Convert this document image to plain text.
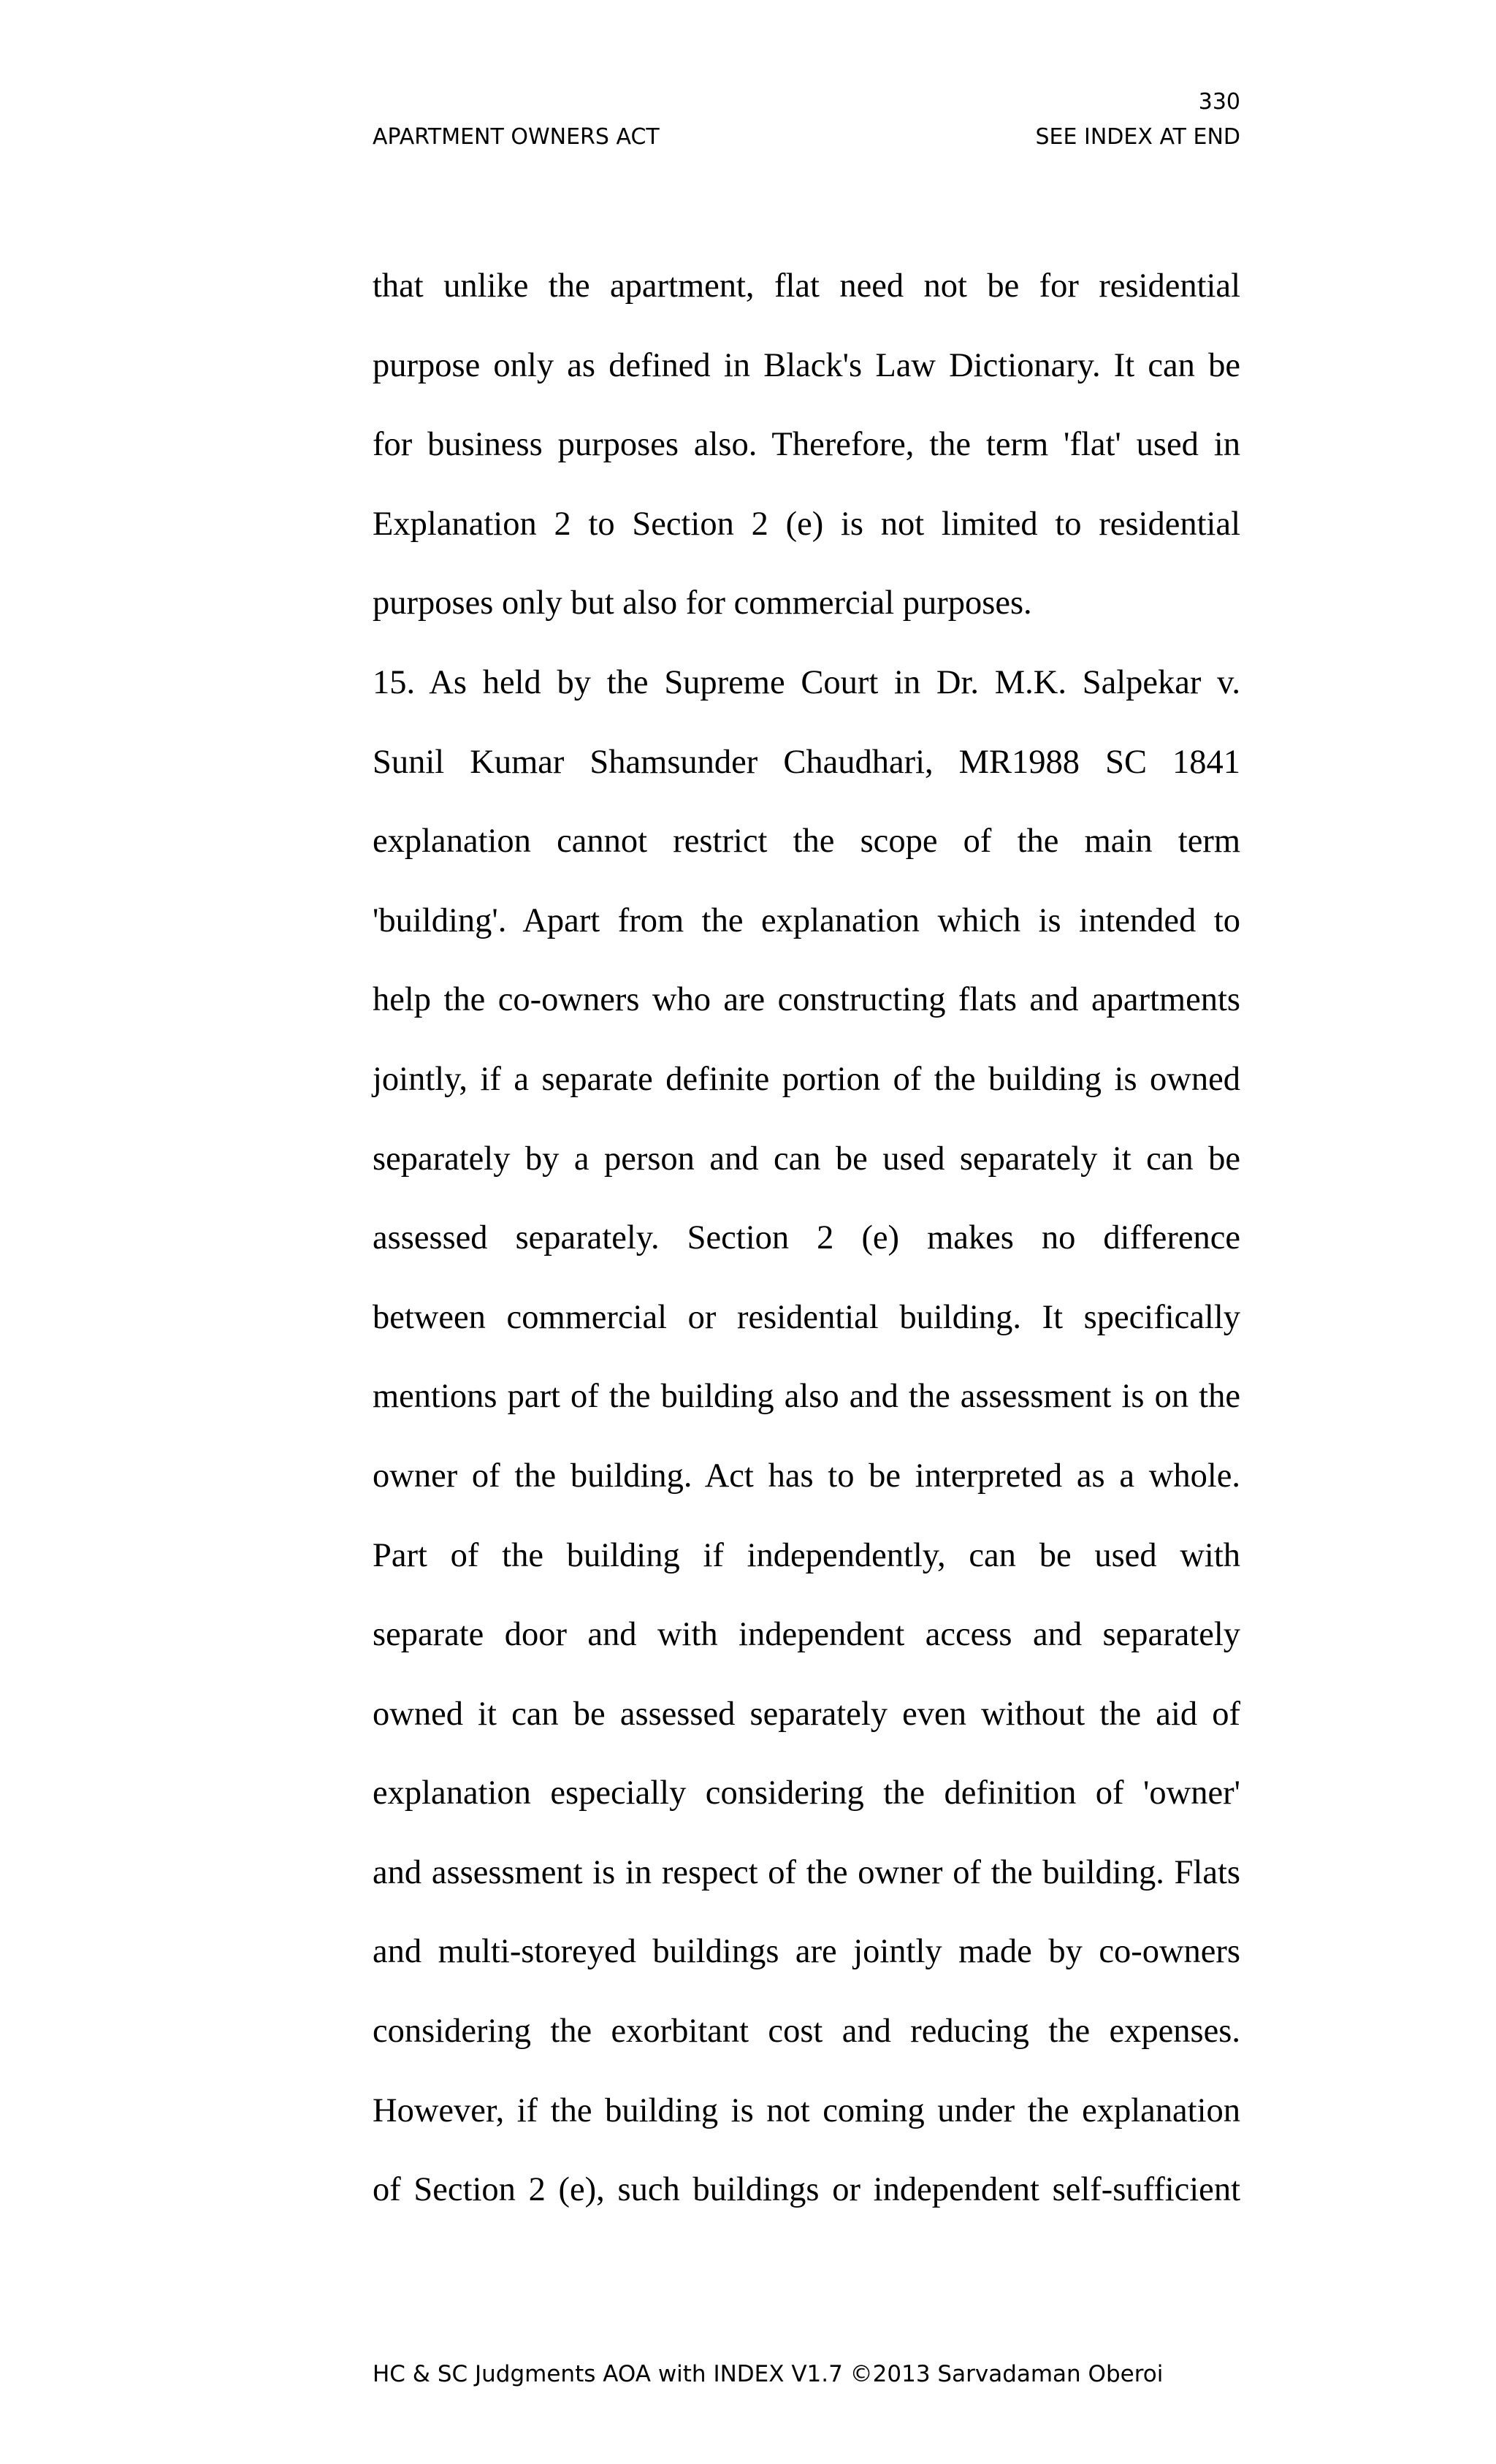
330
APARTMENT OWNERS ACT	SEE INDEX AT END
that unlike the apartment, flat need not be for residential
purpose only as defined in Black's Law Dictionary. It can be
for business purposes also. Therefore, the term 'flat' used in
Explanation 2 to Section 2 (e) is not limited to residential
purposes only but also for commercial purposes.
15. As held by the Supreme Court in Dr. M.K. Salpekar v.
Sunil Kumar Shamsunder Chaudhari, MR1988 SC 1841
explanation cannot restrict the scope of the main term
'building'. Apart from the explanation which is intended to
help the co-owners who are constructing flats and apartments
jointly, if a separate definite portion of the building is owned
separately by a person and can be used separately it can be
assessed separately. Section 2 (e) makes no difference
between commercial or residential building. It specifically
mentions part of the building also and the assessment is on the
owner of the building. Act has to be interpreted as a whole.
Part of the building if independently, can be used with
separate door and with independent access and separately
owned it can be assessed separately even without the aid of
explanation especially considering the definition of 'owner'
and assessment is in respect of the owner of the building. Flats
and multi-storeyed buildings are jointly made by co-owners
considering the exorbitant cost and reducing the expenses.
However, if the building is not coming under the explanation
of Section 2 (e), such buildings or independent self-sufficient
HC & SC Judgments AOA with INDEX V1.7 ©2013 Sarvadaman Oberoi
